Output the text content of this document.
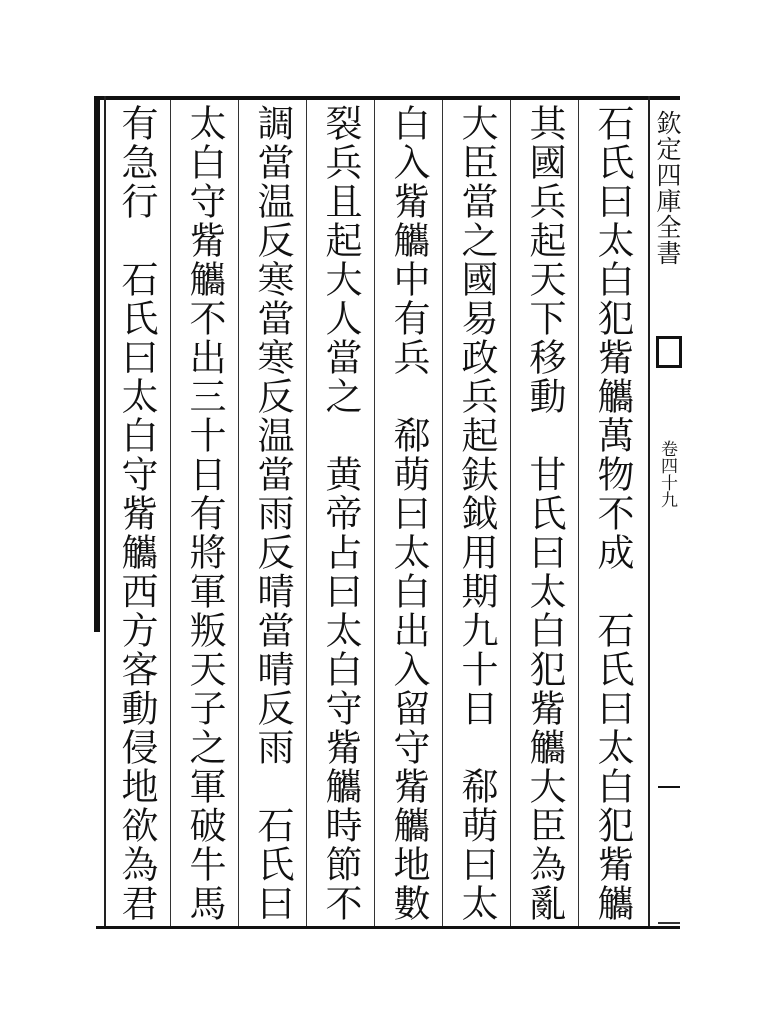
石氏曰太白犯觜觿萬物不成　石氏曰太白犯觜觿
其國兵起天下移動　甘氏曰太白犯觜觿大臣為亂
大臣當之國易政兵起鈇鉞用期九十日　郗萌曰太
白入觜觿中有兵　郗萌曰太白出入留守觜觿地數
裂兵且起大人當之　黄帝占曰太白守觜觿時節不
調當温反寒當寒反温當雨反晴當晴反雨　石氏曰
太白守觜觿不出三十日有將軍叛天子之軍破牛馬
有急行　石氏曰太白守觜觿西方客動侵地欲為君	欽定四庫全書
卷四十九
